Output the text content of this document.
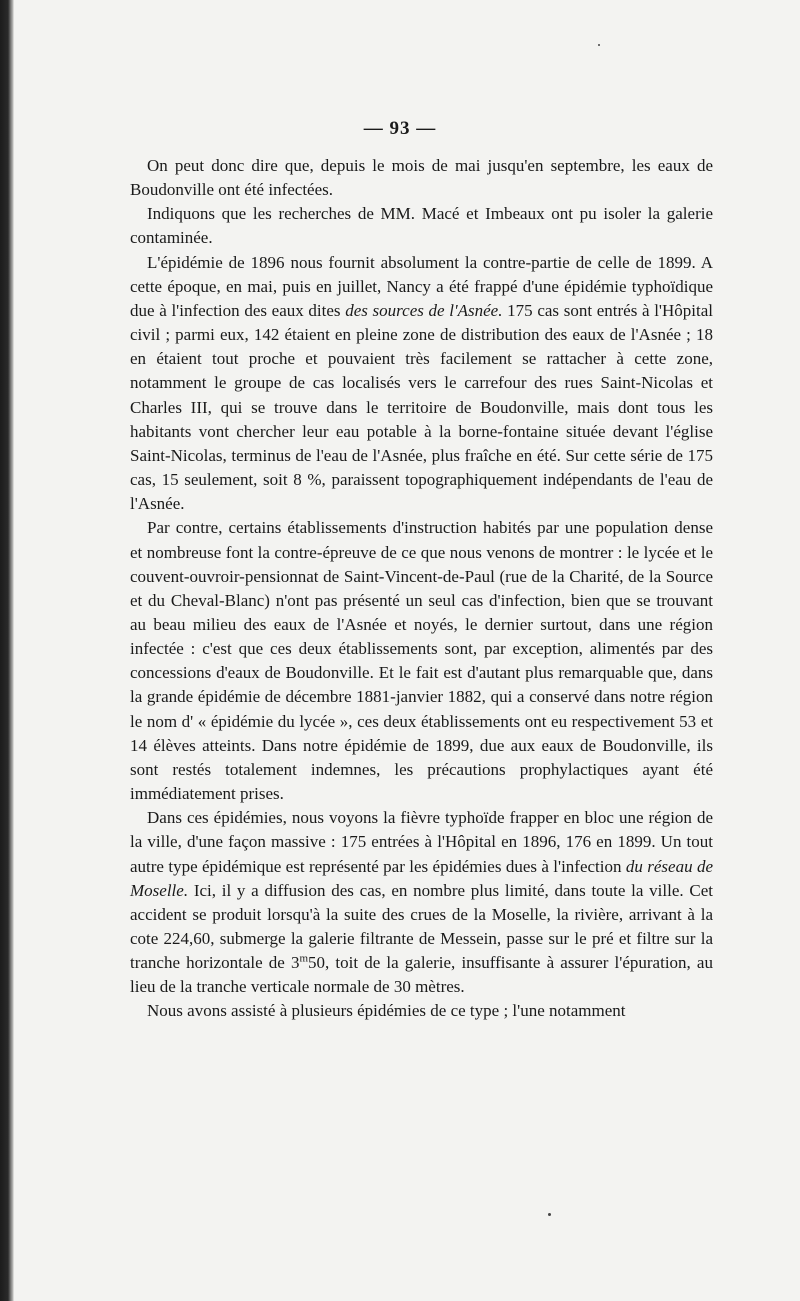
— 93 —

On peut donc dire que, depuis le mois de mai jusqu'en septembre, les eaux de Boudonville ont été infectées.

Indiquons que les recherches de MM. Macé et Imbeaux ont pu isoler la galerie contaminée.

L'épidémie de 1896 nous fournit absolument la contre-partie de celle de 1899. A cette époque, en mai, puis en juillet, Nancy a été frappé d'une épidémie typhoïdique due à l'infection des eaux dites des sources de l'Asnée. 175 cas sont entrés à l'Hôpital civil ; parmi eux, 142 étaient en pleine zone de distribution des eaux de l'Asnée ; 18 en étaient tout proche et pouvaient très facilement se rattacher à cette zone, notamment le groupe de cas localisés vers le carrefour des rues Saint-Nicolas et Charles III, qui se trouve dans le territoire de Boudonville, mais dont tous les habitants vont chercher leur eau potable à la borne-fontaine située devant l'église Saint-Nicolas, terminus de l'eau de l'Asnée, plus fraîche en été. Sur cette série de 175 cas, 15 seulement, soit 8 %, paraissent topographiquement indépendants de l'eau de l'Asnée.

Par contre, certains établissements d'instruction habités par une population dense et nombreuse font la contre-épreuve de ce que nous venons de montrer : le lycée et le couvent-ouvroir-pensionnat de Saint-Vincent-de-Paul (rue de la Charité, de la Source et du Cheval-Blanc) n'ont pas présenté un seul cas d'infection, bien que se trouvant au beau milieu des eaux de l'Asnée et noyés, le dernier surtout, dans une région infectée : c'est que ces deux établissements sont, par exception, alimentés par des concessions d'eaux de Boudonville. Et le fait est d'autant plus remarquable que, dans la grande épidémie de décembre 1881-janvier 1882, qui a conservé dans notre région le nom d' « épidémie du lycée », ces deux établissements ont eu respectivement 53 et 14 élèves atteints. Dans notre épidémie de 1899, due aux eaux de Boudonville, ils sont restés totalement indemnes, les précautions prophylactiques ayant été immédiatement prises.

Dans ces épidémies, nous voyons la fièvre typhoïde frapper en bloc une région de la ville, d'une façon massive : 175 entrées à l'Hôpital en 1896, 176 en 1899. Un tout autre type épidémique est représenté par les épidémies dues à l'infection du réseau de Moselle. Ici, il y a diffusion des cas, en nombre plus limité, dans toute la ville. Cet accident se produit lorsqu'à la suite des crues de la Moselle, la rivière, arrivant à la cote 224,60, submerge la galerie filtrante de Messein, passe sur le pré et filtre sur la tranche horizontale de 3$^m$50, toit de la galerie, insuffisante à assurer l'épuration, au lieu de la tranche verticale normale de 30 mètres.

Nous avons assisté à plusieurs épidémies de ce type ; l'une notamment
